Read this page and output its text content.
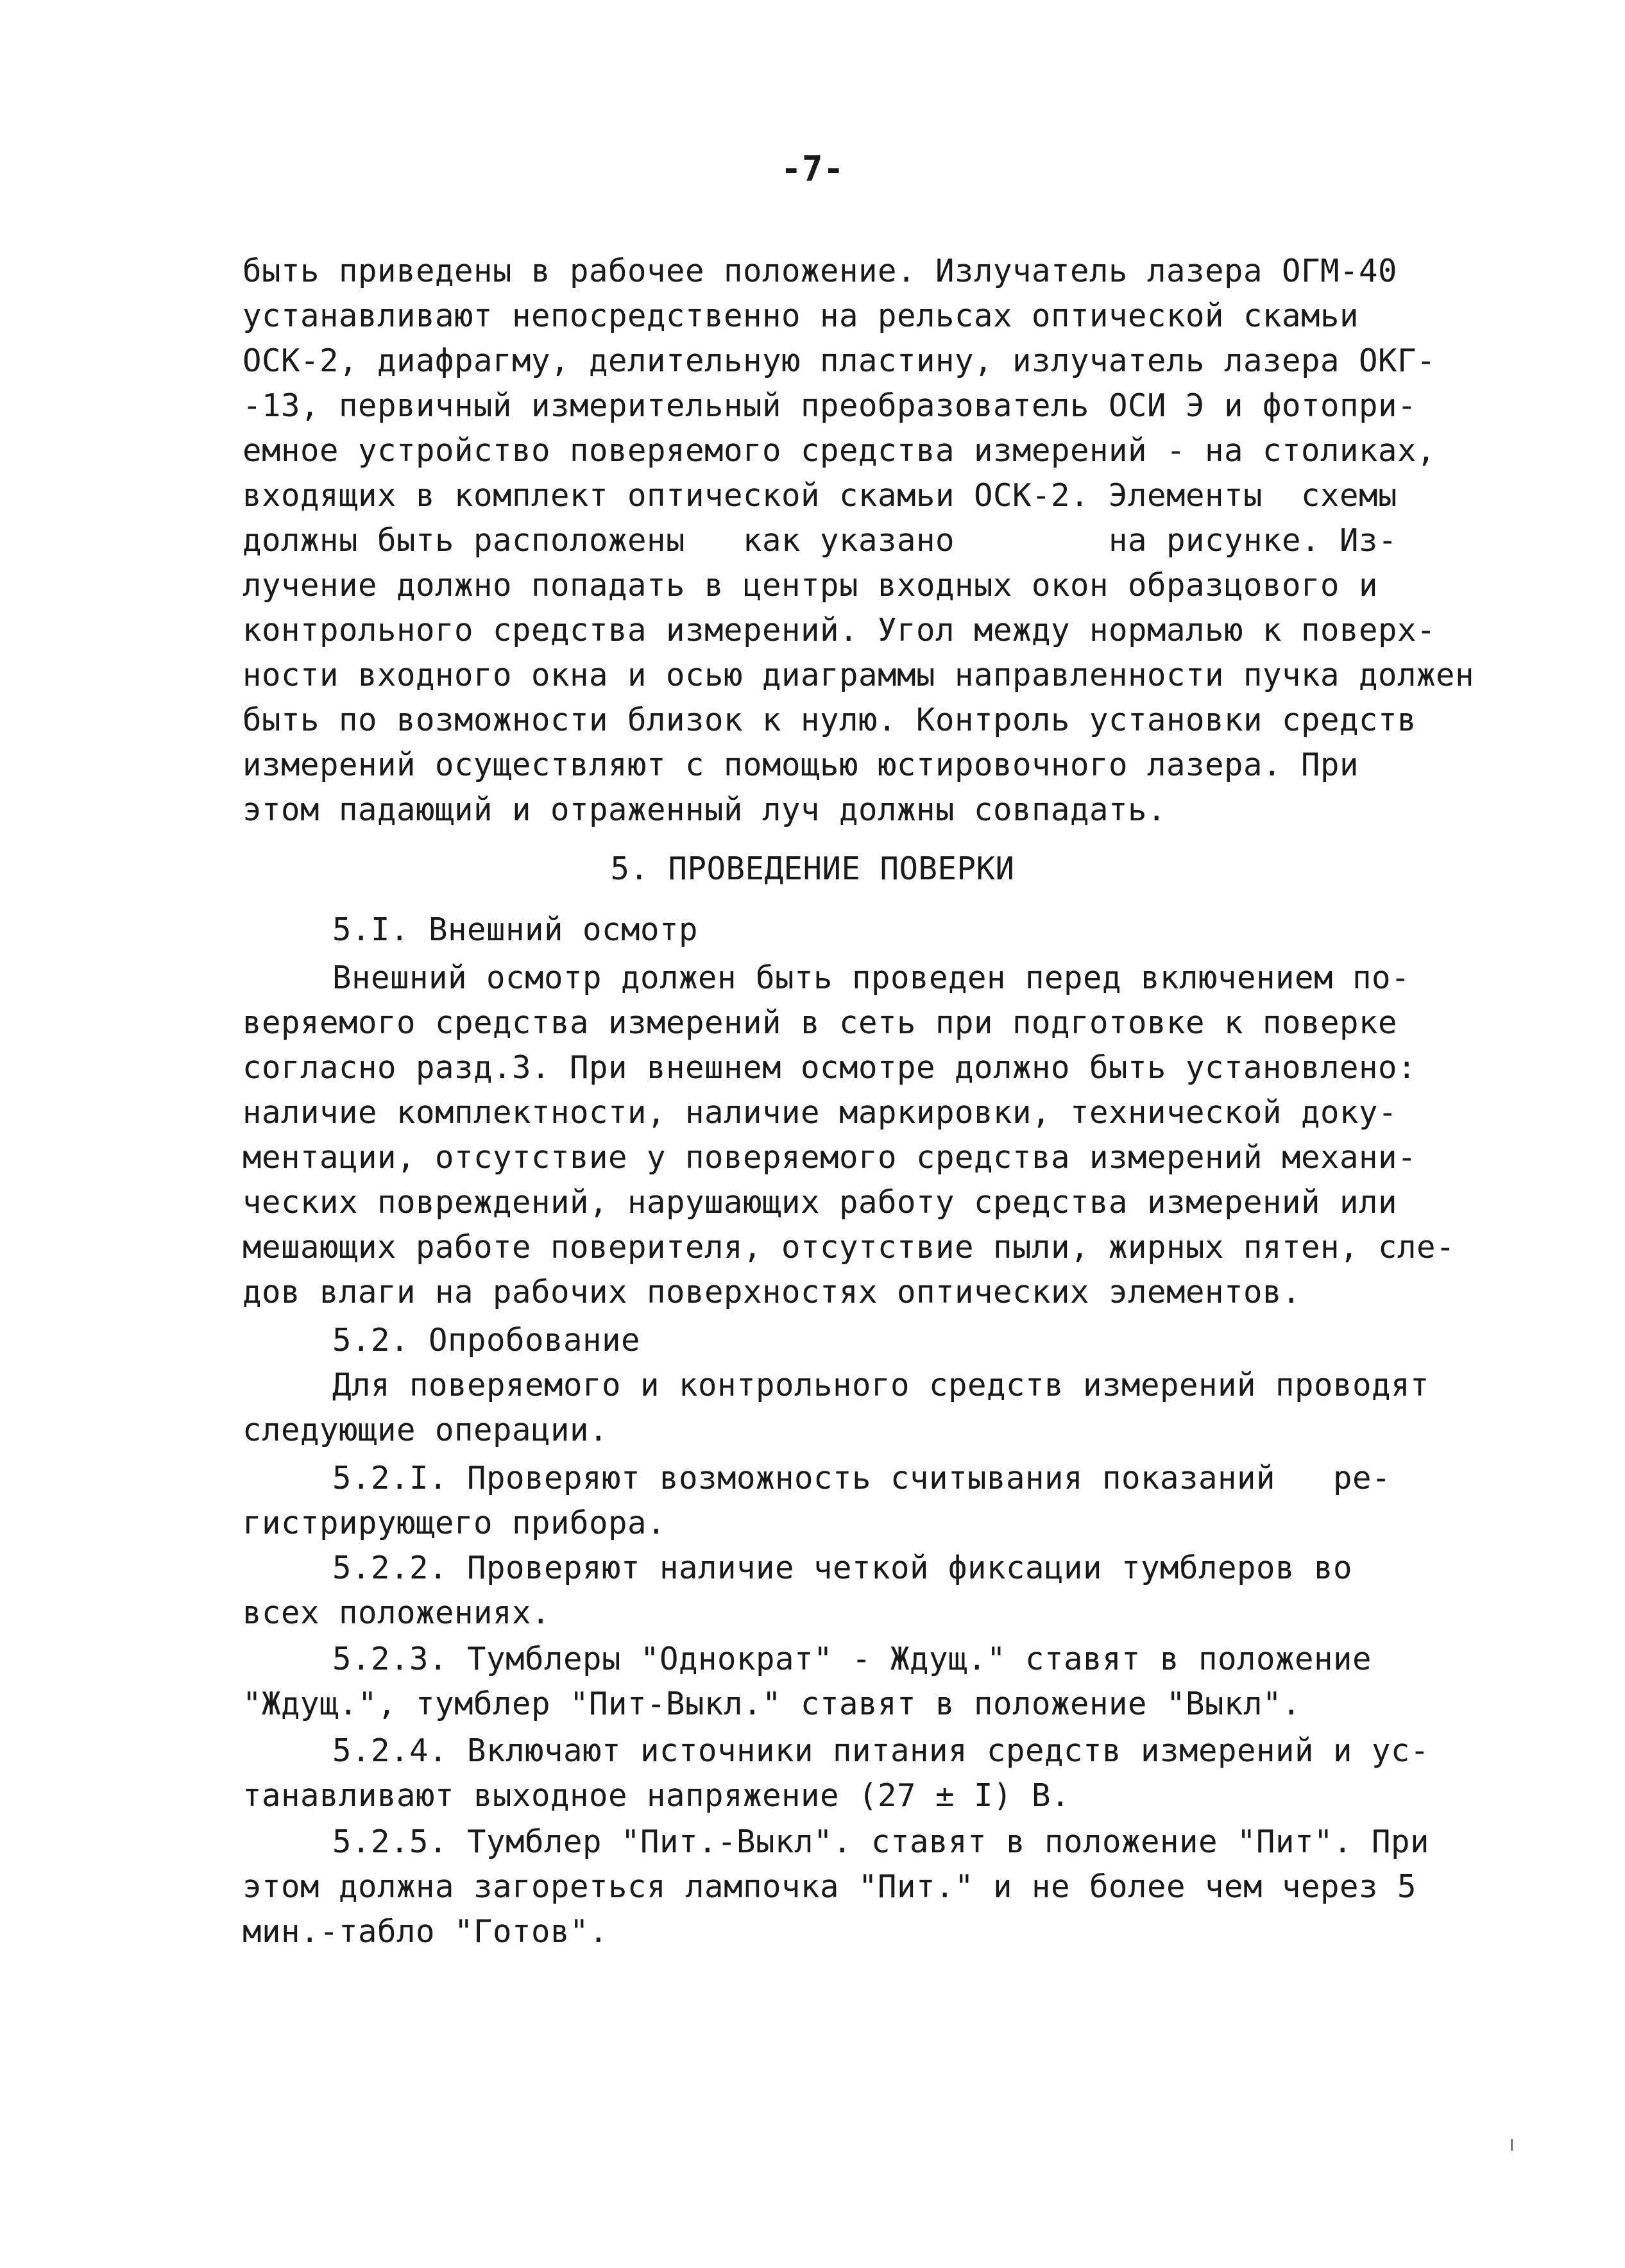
-7-
быть приведены в рабочее положение. Излучатель лазера ОГМ-40
устанавливают непосредственно на рельсах оптической скамьи
ОСК-2, диафрагму, делительную пластину, излучатель лазера ОКГ-
-13, первичный измерительный преобразователь ОСИ Э и фотопри-
емное устройство поверяемого средства измерений - на столиках,
входящих в комплект оптической скамьи ОСК-2. Элементы  схемы
должны быть расположены   как указано        на рисунке. Из-
лучение должно попадать в центры входных окон образцового и
контрольного средства измерений. Угол между нормалью к поверх-
ности входного окна и осью диаграммы направленности пучка должен
быть по возможности близок к нулю. Контроль установки средств
измерений осуществляют с помощью юстировочного лазера. При
этом падающий и отраженный луч должны совпадать.
5. ПРОВЕДЕНИЕ ПОВЕРКИ
5.I. Внешний осмотр
Внешний осмотр должен быть проведен перед включением по-
веряемого средства измерений в сеть при подготовке к поверке
согласно разд.3. При внешнем осмотре должно быть установлено:
наличие комплектности, наличие маркировки, технической доку-
ментации, отсутствие у поверяемого средства измерений механи-
ческих повреждений, нарушающих работу средства измерений или
мешающих работе поверителя, отсутствие пыли, жирных пятен, сле-
дов влаги на рабочих поверхностях оптических элементов.
5.2. Опробование
Для поверяемого и контрольного средств измерений проводят
следующие операции.
5.2.I. Проверяют возможность считывания показаний   ре-
гистрирующего прибора.
5.2.2. Проверяют наличие четкой фиксации тумблеров во
всех положениях.
5.2.3. Тумблеры "Однократ" - Ждущ." ставят в положение
"Ждущ.", тумблер "Пит-Выкл." ставят в положение "Выкл".
5.2.4. Включают источники питания средств измерений и ус-
танавливают выходное напряжение (27 ± I) В.
5.2.5. Тумблер "Пит.-Выкл". ставят в положение "Пит". При
этом должна загореться лампочка "Пит." и не более чем через 5
мин.-табло "Готов".
